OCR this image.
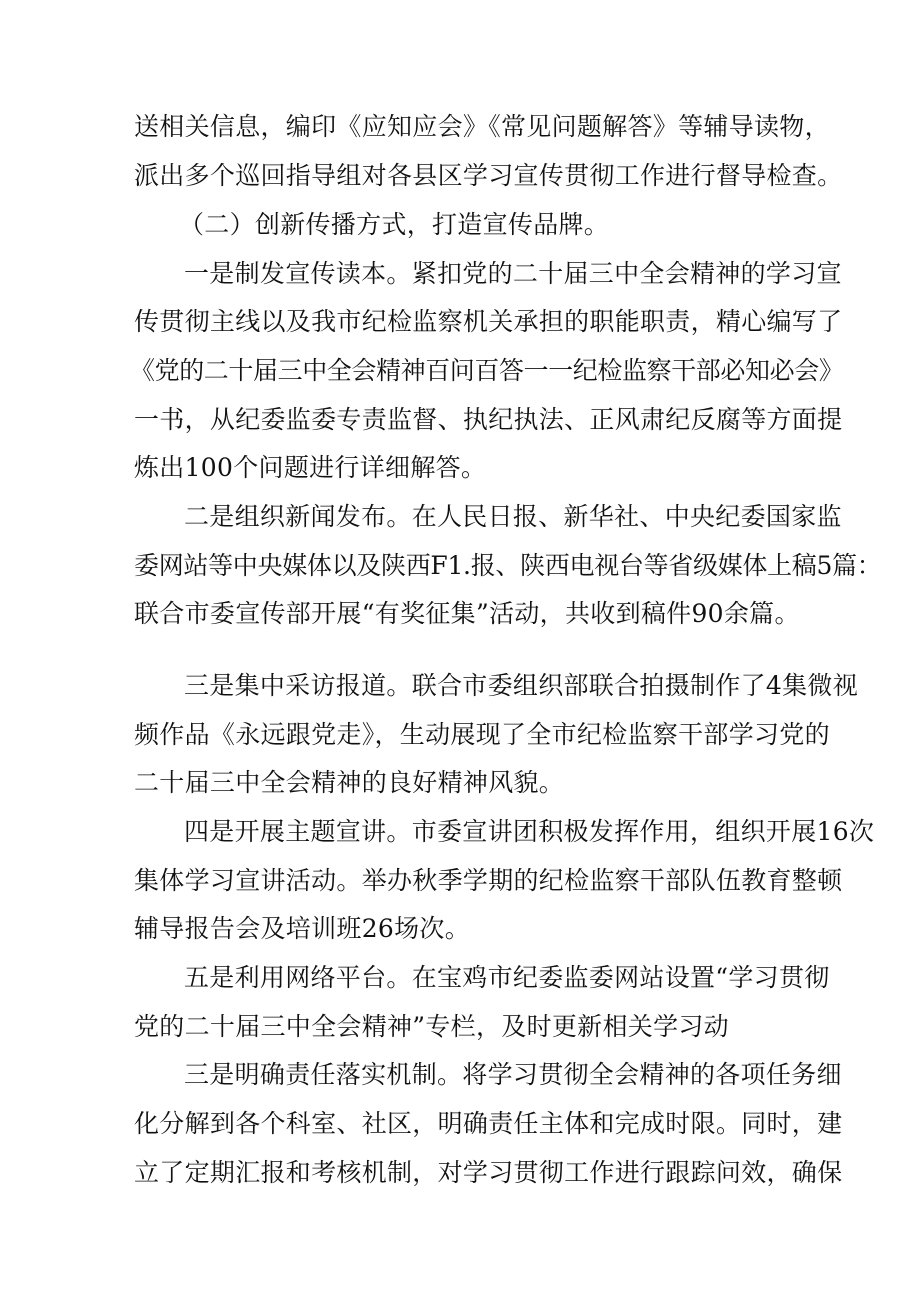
送相关信息，编印《应知应会》《常见问题解答》等辅导读物，
派出多个巡回指导组对各县区学习宣传贯彻工作进行督导检查。
（二）创新传播方式，打造宣传品牌。
一是制发宣传读本。紧扣党的二十届三中全会精神的学习宣
传贯彻主线以及我市纪检监察机关承担的职能职责，精心编写了
《党的二十届三中全会精神百问百答一一纪检监察干部必知必会》
一书，从纪委监委专责监督、执纪执法、正风肃纪反腐等方面提
炼出100个问题进行详细解答。
二是组织新闻发布。在人民日报、新华社、中央纪委国家监
委网站等中央媒体以及陕西F1.报、陕西电视台等省级媒体上稿5篇：
联合市委宣传部开展“有奖征集”活动，共收到稿件90余篇。
三是集中采访报道。联合市委组织部联合拍摄制作了4集微视
频作品《永远跟党走》，生动展现了全市纪检监察干部学习党的
二十届三中全会精神的良好精神风貌。
四是开展主题宣讲。市委宣讲团积极发挥作用，组织开展16次
集体学习宣讲活动。举办秋季学期的纪检监察干部队伍教育整顿
辅导报告会及培训班26场次。
五是利用网络平台。在宝鸡市纪委监委网站设置“学习贯彻
党的二十届三中全会精神”专栏，及时更新相关学习动
三是明确责任落实机制。将学习贯彻全会精神的各项任务细
化分解到各个科室、社区，明确责任主体和完成时限。同时，建
立了定期汇报和考核机制，对学习贯彻工作进行跟踪问效，确保
